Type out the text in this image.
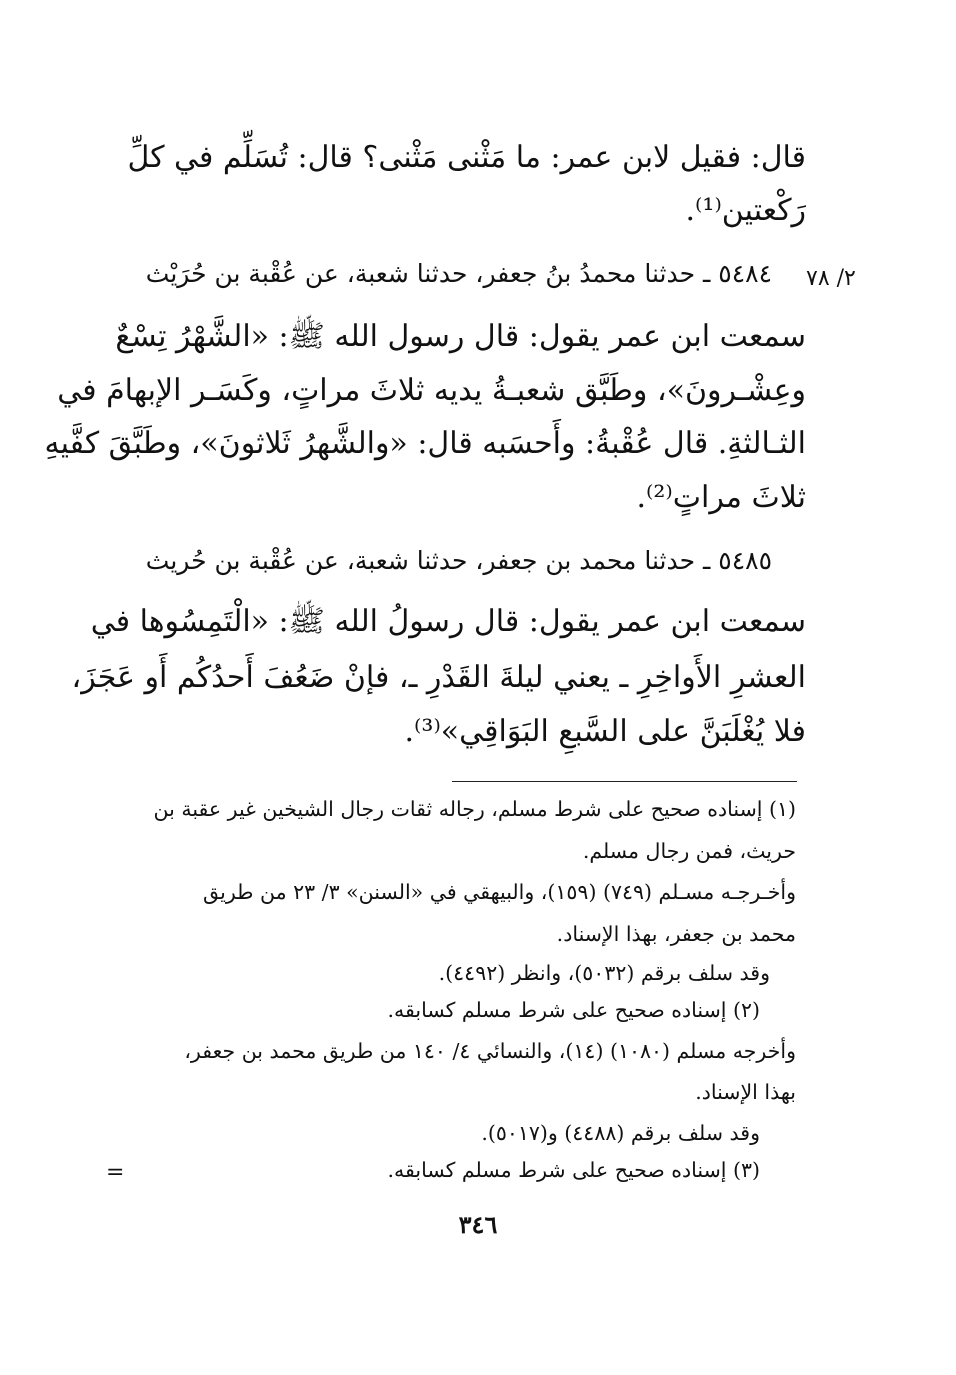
٢/ ٧٨
قال: فقيل لابن عمر: ما مَثْنى مَثْنى؟ قال: تُسَلِّم في كلِّ
رَكْعتين⁽¹⁾.
٥٤٨٤ ـ حدثنا محمدُ بنُ جعفر، حدثنا شعبة، عن عُقْبة بن حُرَيْث
سمعت ابن عمر يقول: قال رسول الله ﷺ: «الشَّهْرُ تِسْعٌ
وعِشْـرونَ»، وطَبَّق شعبـةُ يديه ثلاثَ مراتٍ، وكَسَـر الإبهامَ في
الثـالثةِ. قال عُقْبةُ: وأَحسَبه قال: «والشَّهرُ ثَلاثونَ»، وطَبَّقَ كفَّيهِ
ثلاثَ مراتٍ⁽²⁾.
٥٤٨٥ ـ حدثنا محمد بن جعفر، حدثنا شعبة، عن عُقْبة بن حُريث
سمعت ابن عمر يقول: قال رسولُ الله ﷺ: «الْتَمِسُوها في
العشرِ الأَواخِرِ ـ يعني ليلةَ القَدْرِ ـ، فإنْ ضَعُفَ أَحدُكُم أَو عَجَزَ،
فلا يُغْلَبَنَّ على السَّبعِ البَوَاقِي»⁽³⁾.
(١) إسناده صحيح على شرط مسلم، رجاله ثقات رجال الشيخين غير عقبة بن
حريث، فمن رجال مسلم.
وأخـرجـه مسـلم (٧٤٩) (١٥٩)، والبيهقي في «السنن» ٣/ ٢٣ من طريق
محمد بن جعفر، بهذا الإسناد.
وقد سلف برقم (٥٠٣٢)، وانظر (٤٤٩٢).
(٢) إسناده صحيح على شرط مسلم كسابقه.
وأخرجه مسلم (١٠٨٠) (١٤)، والنسائي ٤/ ١٤٠ من طريق محمد بن جعفر،
بهذا الإسناد.
وقد سلف برقم (٤٤٨٨) و(٥٠١٧).
(٣) إسناده صحيح على شرط مسلم كسابقه.
=
٣٤٦
